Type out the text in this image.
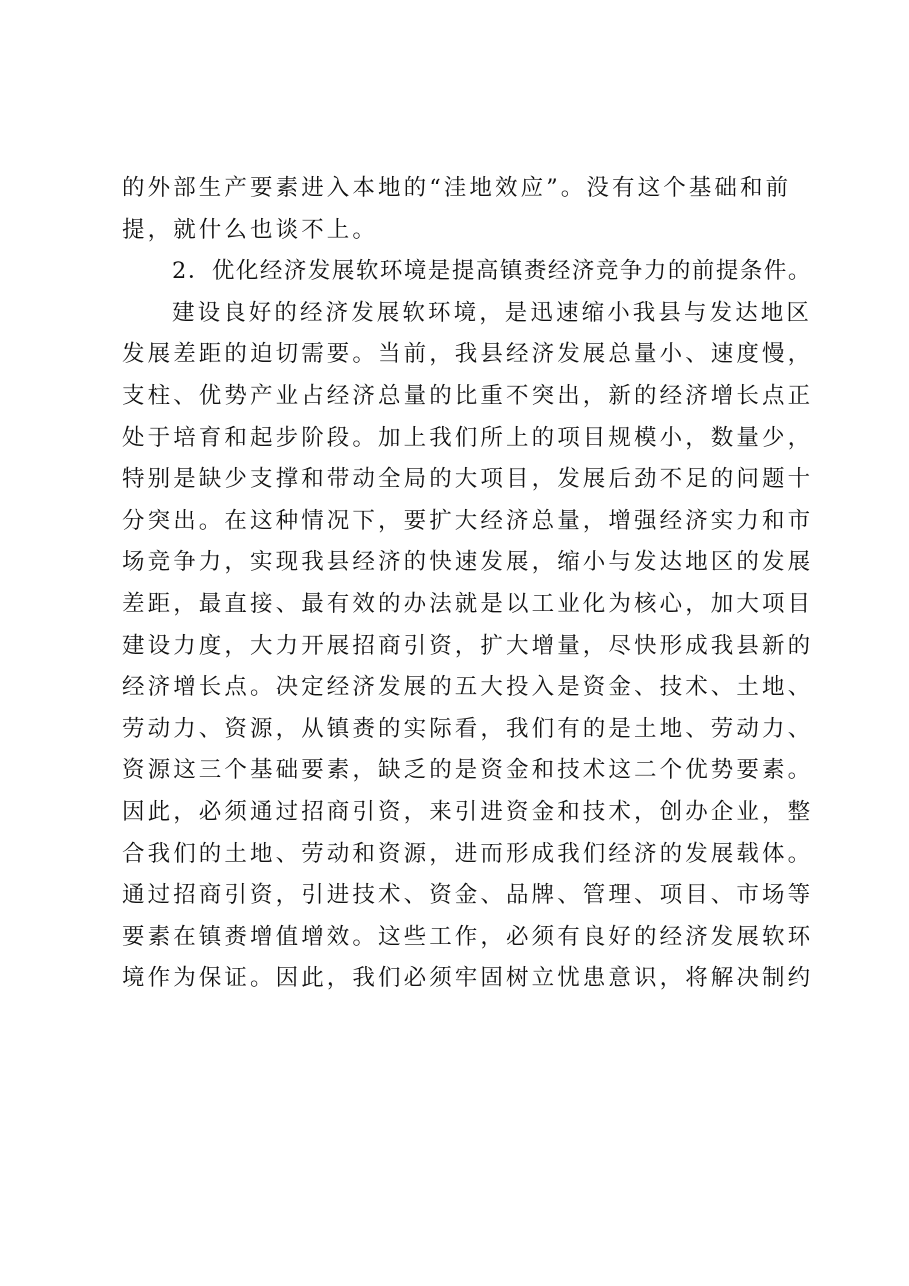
的外部生产要素进入本地的“洼地效应”。没有这个基础和前
提，就什么也谈不上。
2．优化经济发展软环境是提高镇赉经济竞争力的前提条件。
建设良好的经济发展软环境，是迅速缩小我县与发达地区
发展差距的迫切需要。当前，我县经济发展总量小、速度慢，
支柱、优势产业占经济总量的比重不突出，新的经济增长点正
处于培育和起步阶段。加上我们所上的项目规模小，数量少，
特别是缺少支撑和带动全局的大项目，发展后劲不足的问题十
分突出。在这种情况下，要扩大经济总量，增强经济实力和市
场竞争力，实现我县经济的快速发展，缩小与发达地区的发展
差距，最直接、最有效的办法就是以工业化为核心，加大项目
建设力度，大力开展招商引资，扩大增量，尽快形成我县新的
经济增长点。决定经济发展的五大投入是资金、技术、土地、
劳动力、资源，从镇赉的实际看，我们有的是土地、劳动力、
资源这三个基础要素，缺乏的是资金和技术这二个优势要素。
因此，必须通过招商引资，来引进资金和技术，创办企业，整
合我们的土地、劳动和资源，进而形成我们经济的发展载体。
通过招商引资，引进技术、资金、品牌、管理、项目、市场等
要素在镇赉增值增效。这些工作，必须有良好的经济发展软环
境作为保证。因此，我们必须牢固树立忧患意识，将解决制约
